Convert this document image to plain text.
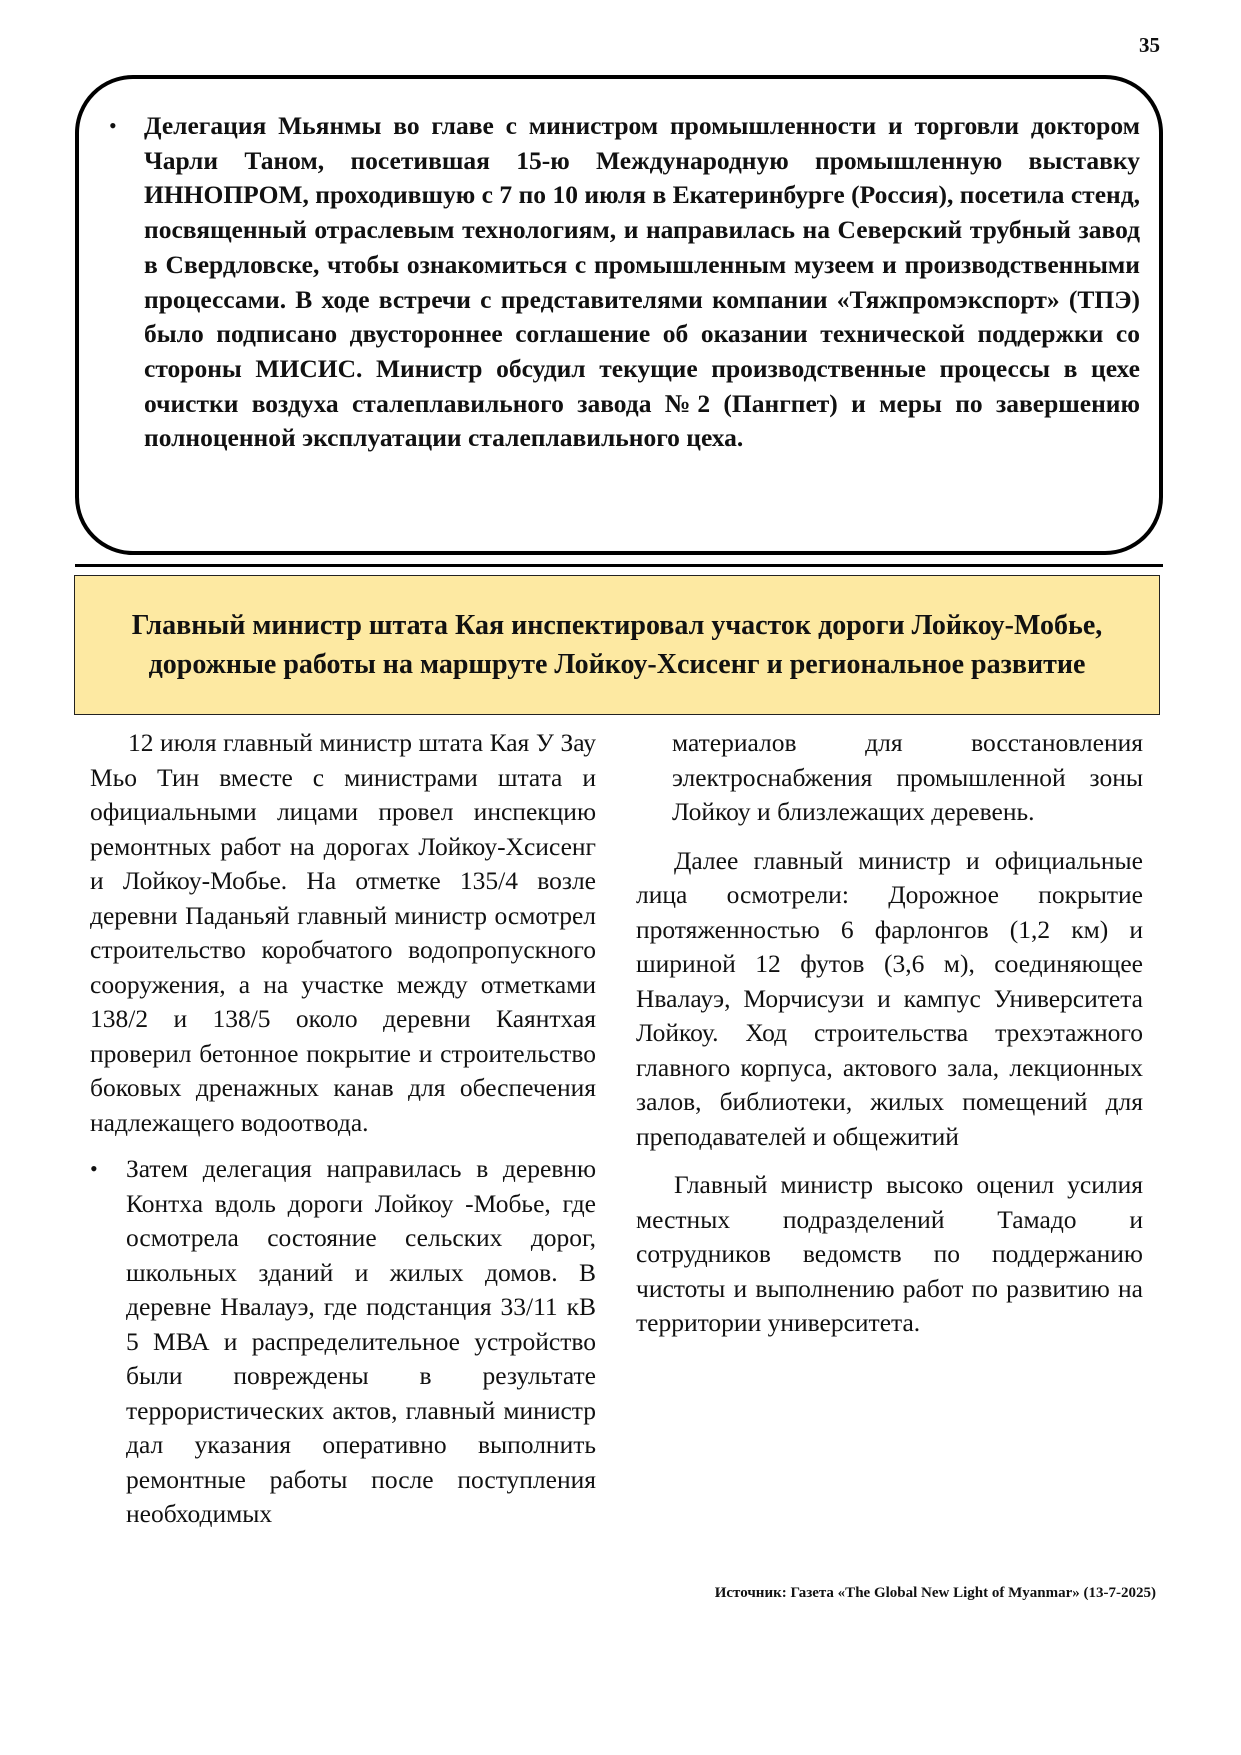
35
• Делегация Мьянмы во главе с министром промышленности и торговли доктором Чарли Таном, посетившая 15-ю Международную промышленную выставку ИННОПРОМ, проходившую с 7 по 10 июля в Екатеринбурге (Россия), посетила стенд, посвященный отраслевым технологиям, и направилась на Северский трубный завод в Свердловске, чтобы ознакомиться с промышленным музеем и производственными процессами. В ходе встречи с представителями компании «Тяжпромэкспорт» (ТПЭ) было подписано двустороннее соглашение об оказании технической поддержки со стороны МИСИС. Министр обсудил текущие производственные процессы в цехе очистки воздуха сталеплавильного завода №2 (Пангпет) и меры по завершению полноценной эксплуатации сталеплавильного цеха.
Главный министр штата Кая инспектировал участок дороги Лойкоу-Мобье, дорожные работы на маршруте Лойкоу-Хсисенг и региональное развитие

12 июля главный министр штата Кая У Зау Мьо Тин вместе с министрами штата и официальными лицами провел инспекцию ремонтных работ на дорогах Лойкоу-Хсисенг и Лойкоу-Мобье. На отметке 135/4 возле деревни Паданьяй главный министр осмотрел строительство коробчатого водопропускного сооружения, а на участке между отметками 138/2 и 138/5 около деревни Каянтхая проверил бетонное покрытие и строительство боковых дренажных канав для обеспечения надлежащего водоотвода.

• Затем делегация направилась в деревню Контха вдоль дороги Лойкоу -Мобье, где осмотрела состояние сельских дорог, школьных зданий и жилых домов. В деревне Нвалауэ, где подстанция 33/11 кВ 5 МВА и распределительное устройство были повреждены в результате террористических актов, главный министр дал указания оперативно выполнить ремонтные работы после поступления необходимых

материалов для восстановления электроснабжения промышленной зоны Лойкоу и близлежащих деревень.

Далее главный министр и официальные лица осмотрели: Дорожное покрытие протяженностью 6 фарлонгов (1,2 км) и шириной 12 футов (3,6 м), соединяющее Нвалауэ, Морчисузи и кампус Университета Лойкоу. Ход строительства трехэтажного главного корпуса, актового зала, лекционных залов, библиотеки, жилых помещений для преподавателей и общежитий

Главный министр высоко оценил усилия местных подразделений Тамадо и сотрудников ведомств по поддержанию чистоты и выполнению работ по развитию на территории университета.

Источник: Газета «The Global New Light of Myanmar» (13-7-2025)
